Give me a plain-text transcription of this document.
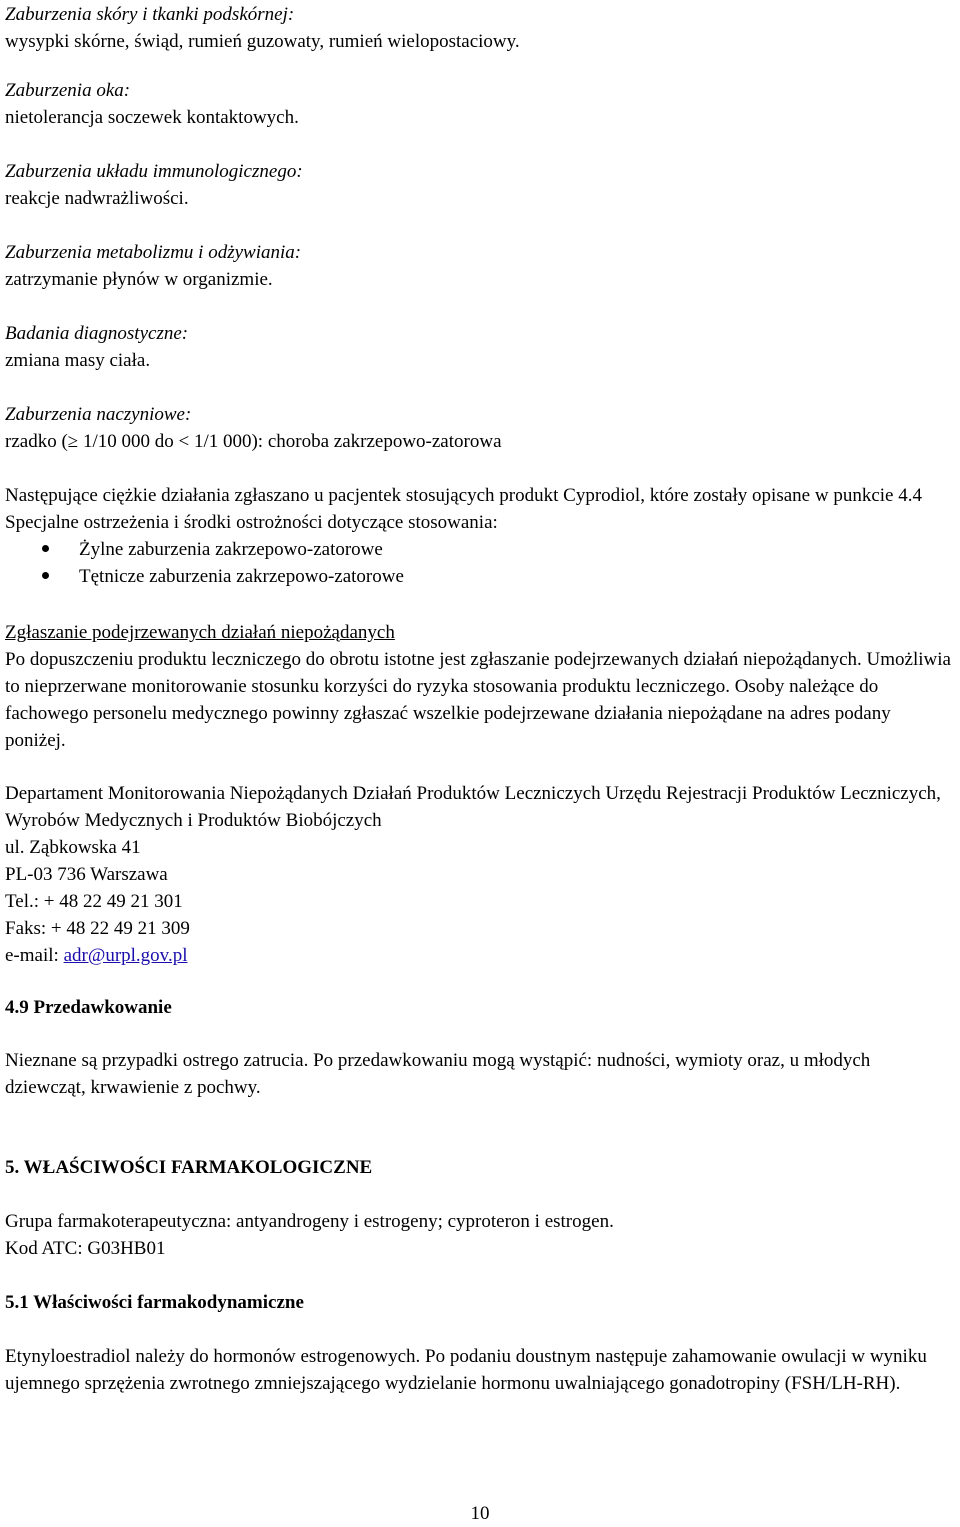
Zaburzenia skóry i tkanki podskórnej:

wysypki skórne, świąd, rumień guzowaty, rumień wielopostaciowy.

Zaburzenia oka:

nietolerancja soczewek kontaktowych.

Zaburzenia układu immunologicznego:

reakcje nadwrażliwości.

Zaburzenia metabolizmu i odżywiania:

zatrzymanie płynów w organizmie.

Badania diagnostyczne:

zmiana masy ciała.

Zaburzenia naczyniowe:

rzadko (≥ 1/10 000 do < 1/1 000): choroba zakrzepowo-zatorowa

Następujące ciężkie działania zgłaszano u pacjentek stosujących produkt Cyprodiol, które zostały opisane w punkcie 4.4 Specjalne ostrzeżenia i środki ostrożności dotyczące stosowania:

Żylne zaburzenia zakrzepowo-zatorowe
Tętnicze zaburzenia zakrzepowo-zatorowe

Zgłaszanie podejrzewanych działań niepożądanych

Po dopuszczeniu produktu leczniczego do obrotu istotne jest zgłaszanie podejrzewanych działań niepożądanych. Umożliwia to nieprzerwane monitorowanie stosunku korzyści do ryzyka stosowania produktu leczniczego. Osoby należące do fachowego personelu medycznego powinny zgłaszać wszelkie podejrzewane działania niepożądane na adres podany poniżej.

Departament Monitorowania Niepożądanych Działań Produktów Leczniczych Urzędu Rejestracji Produktów Leczniczych, Wyrobów Medycznych i Produktów Biobójczych

ul. Ząbkowska 41

PL-03 736 Warszawa

Tel.: + 48 22 49 21 301

Faks: + 48 22 49 21 309

e-mail: adr@urpl.gov.pl

4.9 Przedawkowanie

Nieznane są przypadki ostrego zatrucia. Po przedawkowaniu mogą wystąpić: nudności, wymioty oraz, u młodych dziewcząt, krwawienie z pochwy.

5. WŁAŚCIWOŚCI FARMAKOLOGICZNE

Grupa farmakoterapeutyczna: antyandrogeny i estrogeny; cyproteron i estrogen.

Kod ATC: G03HB01

5.1 Właściwości farmakodynamiczne

Etynyloestradiol należy do hormonów estrogenowych. Po podaniu doustnym następuje zahamowanie owulacji w wyniku ujemnego sprzężenia zwrotnego zmniejszającego wydzielanie hormonu uwalniającego gonadotropiny (FSH/LH-RH).

10
